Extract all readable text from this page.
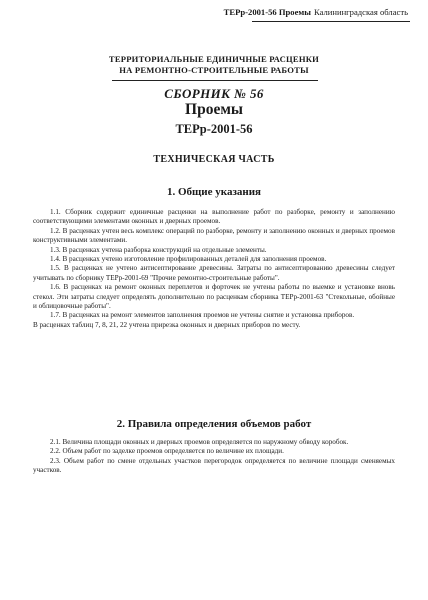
ТЕРр-2001-56 Проемы Калининградская область
ТЕРРИТОРИАЛЬНЫЕ ЕДИНИЧНЫЕ РАСЦЕНКИ
НА РЕМОНТНО-СТРОИТЕЛЬНЫЕ РАБОТЫ
СБОРНИК № 56
Проемы
ТЕРр-2001-56
ТЕХНИЧЕСКАЯ ЧАСТЬ
1. Общие указания

1.1. Сборник содержит единичные расценки на выполнение работ по разборке, ремонту и заполнению соответствующими элементами оконных и дверных проемов.

1.2. В расценках учтен весь комплекс операций по разборке, ремонту и заполнению оконных и дверных проемов конструктивными элементами.

1.3. В расценках учтена разборка конструкций на отдельные элементы.

1.4. В расценках учтено изготовление профилированных деталей для заполнения проемов.

1.5. В расценках не учтено антисептирование древесины. Затраты по антисептированию древесины следует учитывать по сборнику ТЕРр-2001-69 "Прочие ремонтно-строительные работы".

1.6. В расценках на ремонт оконных переплетов и форточек не учтены работы по выемке и установке вновь стекол. Эти затраты следует определять дополнительно по расценкам сборника ТЕРр-2001-63 "Стекольные, обойные и облицовочные работы".

1.7. В расценках на ремонт элементов заполнения проемов не учтены снятие и установка приборов.

В расценках таблиц 7, 8, 21, 22 учтена прирезка оконных и дверных приборов по месту.

2. Правила определения объемов работ

2.1. Величина площади оконных и дверных проемов определяется по наружному обводу коробок.

2.2. Объем работ по заделке проемов определяется по величине их площади.

2.3. Объем работ по смене отдельных участков перегородок определяется по величине площади сменяемых участков.
